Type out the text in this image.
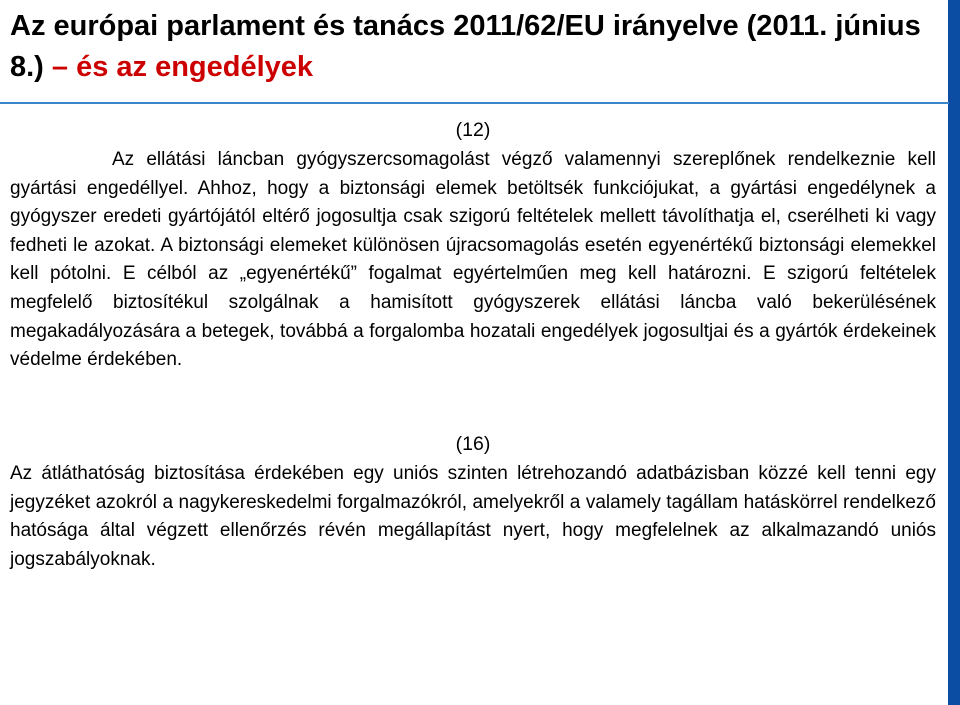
Az európai parlament és tanács 2011/62/EU irányelve (2011. június 8.) – és az engedélyek
(12)

Az ellátási láncban gyógyszercsomagolást végző valamennyi szereplőnek rendelkeznie kell gyártási engedéllyel. Ahhoz, hogy a biztonsági elemek betöltsék funkciójukat, a gyártási engedélynek a gyógyszer eredeti gyártójától eltérő jogosultja csak szigorú feltételek mellett távolíthatja el, cserélheti ki vagy fedheti le azokat. A biztonsági elemeket különösen újracsomagolás esetén egyenértékű biztonsági elemekkel kell pótolni. E célból az „egyenértékű” fogalmat egyértelműen meg kell határozni. E szigorú feltételek megfelelő biztosítékul szolgálnak a hamisított gyógyszerek ellátási láncba való bekerülésének megakadályozására a betegek, továbbá a forgalomba hozatali engedélyek jogosultjai és a gyártók érdekeinek védelme érdekében.

(16)

Az átláthatóság biztosítása érdekében egy uniós szinten létrehozandó adatbázisban közzé kell tenni egy jegyzéket azokról a nagykereskedelmi forgalmazókról, amelyekről a valamely tagállam hatáskörrel rendelkező hatósága által végzett ellenőrzés révén megállapítást nyert, hogy megfelelnek az alkalmazandó uniós jogszabályoknak.
